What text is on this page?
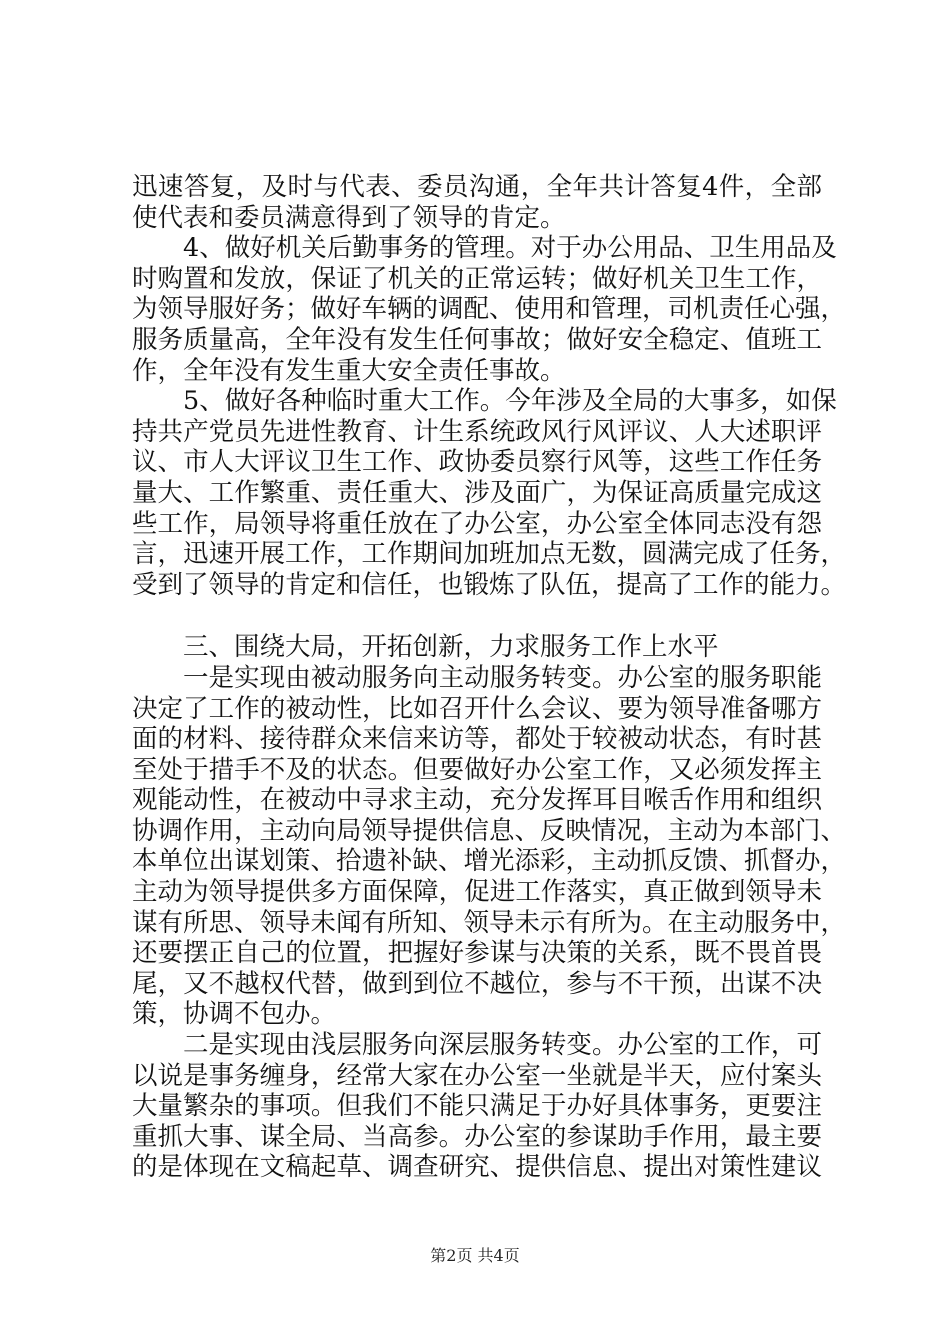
迅速答复，及时与代表、委员沟通，全年共计答复4件，全部
使代表和委员满意得到了领导的肯定。
4、做好机关后勤事务的管理。对于办公用品、卫生用品及
时购置和发放，保证了机关的正常运转；做好机关卫生工作，
为领导服好务；做好车辆的调配、使用和管理，司机责任心强，
服务质量高，全年没有发生任何事故；做好安全稳定、值班工
作，全年没有发生重大安全责任事故。
5、做好各种临时重大工作。今年涉及全局的大事多，如保
持共产党员先进性教育、计生系统政风行风评议、人大述职评
议、市人大评议卫生工作、政协委员察行风等，这些工作任务
量大、工作繁重、责任重大、涉及面广，为保证高质量完成这
些工作，局领导将重任放在了办公室，办公室全体同志没有怨
言，迅速开展工作，工作期间加班加点无数，圆满完成了任务，
受到了领导的肯定和信任，也锻炼了队伍，提高了工作的能力。
三、围绕大局，开拓创新，力求服务工作上水平
一是实现由被动服务向主动服务转变。办公室的服务职能
决定了工作的被动性，比如召开什么会议、要为领导准备哪方
面的材料、接待群众来信来访等，都处于较被动状态，有时甚
至处于措手不及的状态。但要做好办公室工作，又必须发挥主
观能动性，在被动中寻求主动，充分发挥耳目喉舌作用和组织
协调作用，主动向局领导提供信息、反映情况，主动为本部门、
本单位出谋划策、拾遗补缺、增光添彩，主动抓反馈、抓督办，
主动为领导提供多方面保障，促进工作落实，真正做到领导未
谋有所思、领导未闻有所知、领导未示有所为。在主动服务中，
还要摆正自己的位置，把握好参谋与决策的关系，既不畏首畏
尾，又不越权代替，做到到位不越位，参与不干预，出谋不决
策，协调不包办。
二是实现由浅层服务向深层服务转变。办公室的工作，可
以说是事务缠身，经常大家在办公室一坐就是半天，应付案头
大量繁杂的事项。但我们不能只满足于办好具体事务，更要注
重抓大事、谋全局、当高参。办公室的参谋助手作用，最主要
的是体现在文稿起草、调查研究、提供信息、提出对策性建议
第2页 共4页
